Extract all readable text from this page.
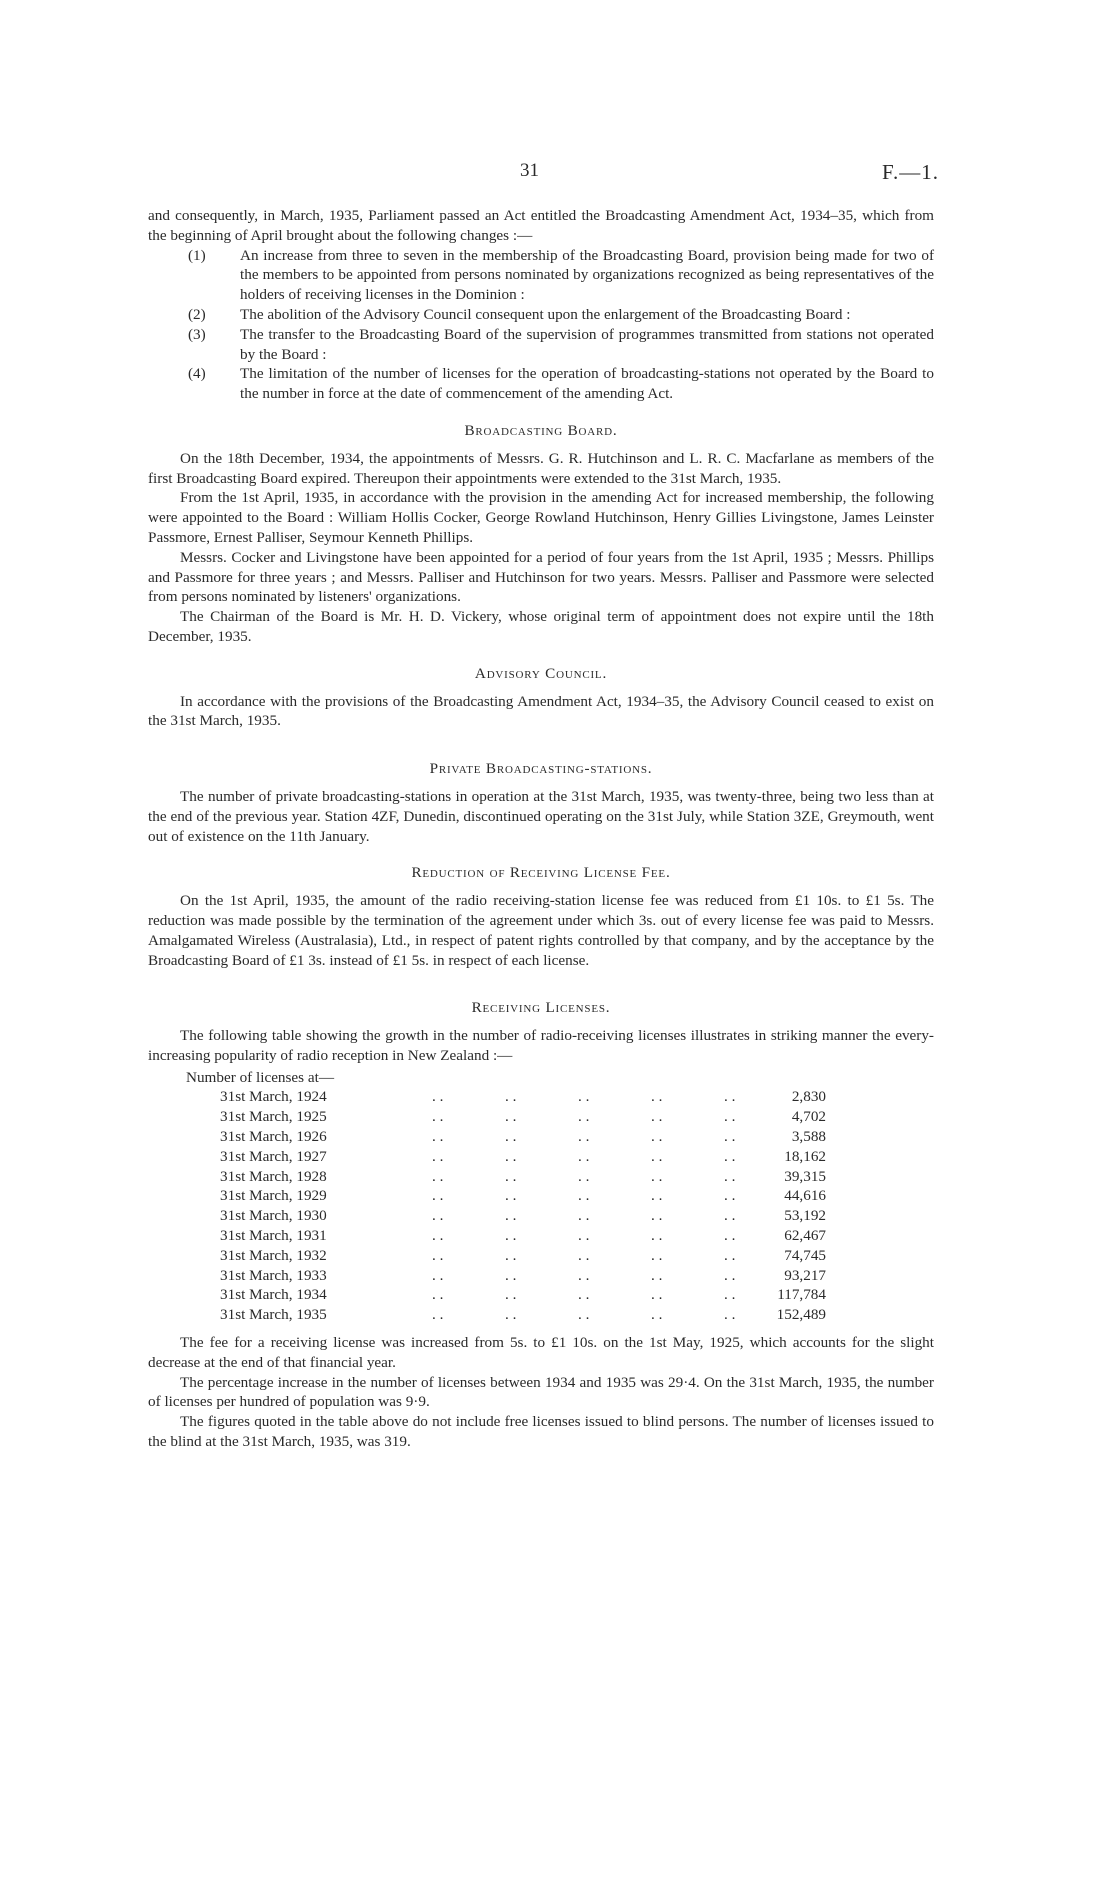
31	F.—1.

and consequently, in March, 1935, Parliament passed an Act entitled the Broadcasting Amendment Act, 1934–35, which from the beginning of April brought about the following changes :—

(1) An increase from three to seven in the membership of the Broadcasting Board, provision being made for two of the members to be appointed from persons nominated by organizations recognized as being representatives of the holders of receiving licenses in the Dominion :
(2) The abolition of the Advisory Council consequent upon the enlargement of the Broadcasting Board :
(3) The transfer to the Broadcasting Board of the supervision of programmes transmitted from stations not operated by the Board :
(4) The limitation of the number of licenses for the operation of broadcasting-stations not operated by the Board to the number in force at the date of commencement of the amending Act.
Broadcasting Board.

On the 18th December, 1934, the appointments of Messrs. G. R. Hutchinson and L. R. C. Macfarlane as members of the first Broadcasting Board expired. Thereupon their appointments were extended to the 31st March, 1935.

From the 1st April, 1935, in accordance with the provision in the amending Act for increased membership, the following were appointed to the Board : William Hollis Cocker, George Rowland Hutchinson, Henry Gillies Livingstone, James Leinster Passmore, Ernest Palliser, Seymour Kenneth Phillips.

Messrs. Cocker and Livingstone have been appointed for a period of four years from the 1st April, 1935 ; Messrs. Phillips and Passmore for three years ; and Messrs. Palliser and Hutchinson for two years. Messrs. Palliser and Passmore were selected from persons nominated by listeners' organizations.

The Chairman of the Board is Mr. H. D. Vickery, whose original term of appointment does not expire until the 18th December, 1935.

Advisory Council.

In accordance with the provisions of the Broadcasting Amendment Act, 1934–35, the Advisory Council ceased to exist on the 31st March, 1935.

Private Broadcasting-stations.

The number of private broadcasting-stations in operation at the 31st March, 1935, was twenty-three, being two less than at the end of the previous year. Station 4ZF, Dunedin, discontinued operating on the 31st July, while Station 3ZE, Greymouth, went out of existence on the 11th January.

Reduction of Receiving License Fee.

On the 1st April, 1935, the amount of the radio receiving-station license fee was reduced from £1 10s. to £1 5s. The reduction was made possible by the termination of the agreement under which 3s. out of every license fee was paid to Messrs. Amalgamated Wireless (Australasia), Ltd., in respect of patent rights controlled by that company, and by the acceptance by the Broadcasting Board of £1 3s. instead of £1 5s. in respect of each license.

Receiving Licenses.

The following table showing the growth in the number of radio-receiving licenses illustrates in striking manner the every-increasing popularity of radio reception in New Zealand :—

Number of licenses at—
31st March, 1924	. .	. .	. .	. .	. .	2,830
31st March, 1925	. .	. .	. .	. .	. .	4,702
31st March, 1926	. .	. .	. .	. .	. .	3,588
31st March, 1927	. .	. .	. .	. .	. .	18,162
31st March, 1928	. .	. .	. .	. .	. .	39,315
31st March, 1929	. .	. .	. .	. .	. .	44,616
31st March, 1930	. .	. .	. .	. .	. .	53,192
31st March, 1931	. .	. .	. .	. .	. .	62,467
31st March, 1932	. .	. .	. .	. .	. .	74,745
31st March, 1933	. .	. .	. .	. .	. .	93,217
31st March, 1934	. .	. .	. .	. .	. .	117,784
31st March, 1935	. .	. .	. .	. .	. .	152,489

The fee for a receiving license was increased from 5s. to £1 10s. on the 1st May, 1925, which accounts for the slight decrease at the end of that financial year.

The percentage increase in the number of licenses between 1934 and 1935 was 29·4. On the 31st March, 1935, the number of licenses per hundred of population was 9·9.

The figures quoted in the table above do not include free licenses issued to blind persons. The number of licenses issued to the blind at the 31st March, 1935, was 319.
